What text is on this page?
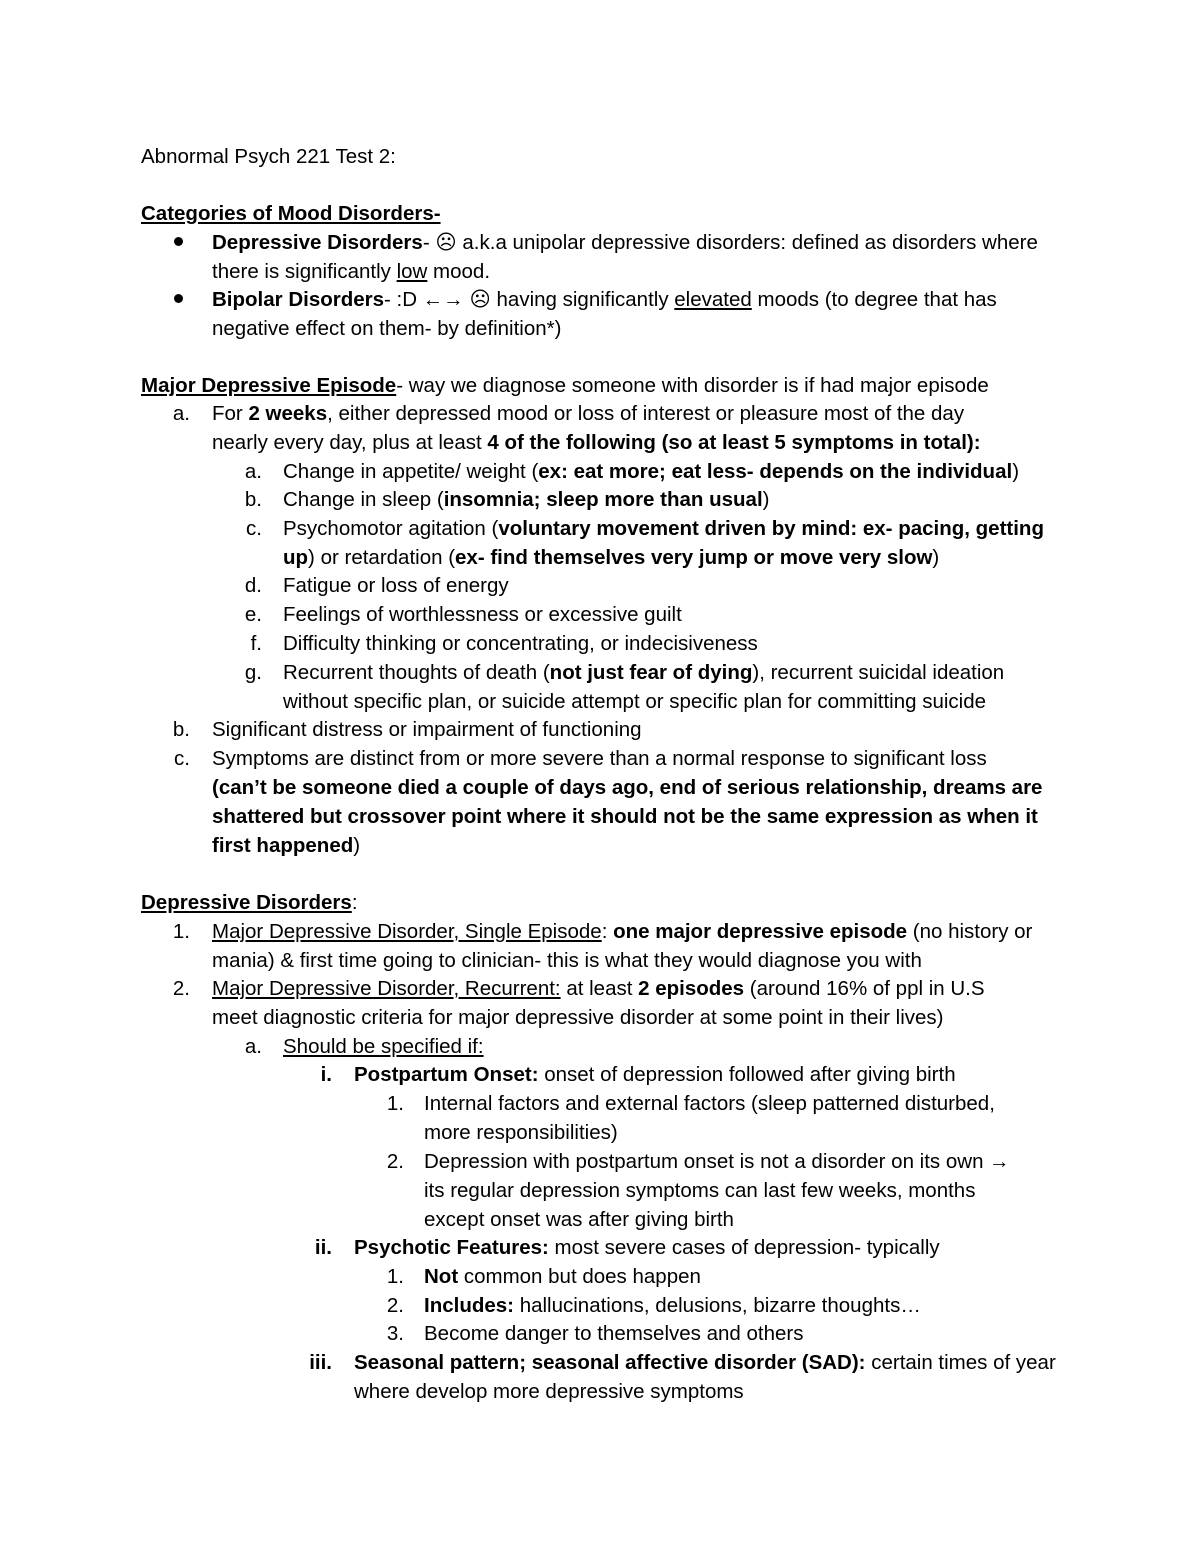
Abnormal Psych 221 Test 2:
Categories of Mood Disorders-
Depressive Disorders- ☹ a.k.a unipolar depressive disorders: defined as disorders where
there is significantly low mood.
Bipolar Disorders- :D ←→ ☹ having significantly elevated moods (to degree that has
negative effect on them- by definition*)
Major Depressive Episode- way we diagnose someone with disorder is if had major episode
a. For 2 weeks, either depressed mood or loss of interest or pleasure most of the day
nearly every day, plus at least 4 of the following (so at least 5 symptoms in total):
a. Change in appetite/ weight (ex: eat more; eat less- depends on the individual)
b. Change in sleep (insomnia; sleep more than usual)
c. Psychomotor agitation (voluntary movement driven by mind: ex- pacing, getting
up) or retardation (ex- find themselves very jump or move very slow)
d. Fatigue or loss of energy
e. Feelings of worthlessness or excessive guilt
f. Difficulty thinking or concentrating, or indecisiveness
g. Recurrent thoughts of death (not just fear of dying), recurrent suicidal ideation
without specific plan, or suicide attempt or specific plan for committing suicide
b. Significant distress or impairment of functioning
c. Symptoms are distinct from or more severe than a normal response to significant loss
(can’t be someone died a couple of days ago, end of serious relationship, dreams are
shattered but crossover point where it should not be the same expression as when it
first happened)
Depressive Disorders:
1. Major Depressive Disorder, Single Episode: one major depressive episode (no history or
mania) & first time going to clinician- this is what they would diagnose you with
2. Major Depressive Disorder, Recurrent: at least 2 episodes (around 16% of ppl in U.S
meet diagnostic criteria for major depressive disorder at some point in their lives)
a. Should be specified if:
i. Postpartum Onset: onset of depression followed after giving birth
1. Internal factors and external factors (sleep patterned disturbed,
more responsibilities)
2. Depression with postpartum onset is not a disorder on its own →
its regular depression symptoms can last few weeks, months
except onset was after giving birth
ii. Psychotic Features: most severe cases of depression- typically
1. Not common but does happen
2. Includes: hallucinations, delusions, bizarre thoughts…
3. Become danger to themselves and others
iii. Seasonal pattern; seasonal affective disorder (SAD): certain times of year
where develop more depressive symptoms
